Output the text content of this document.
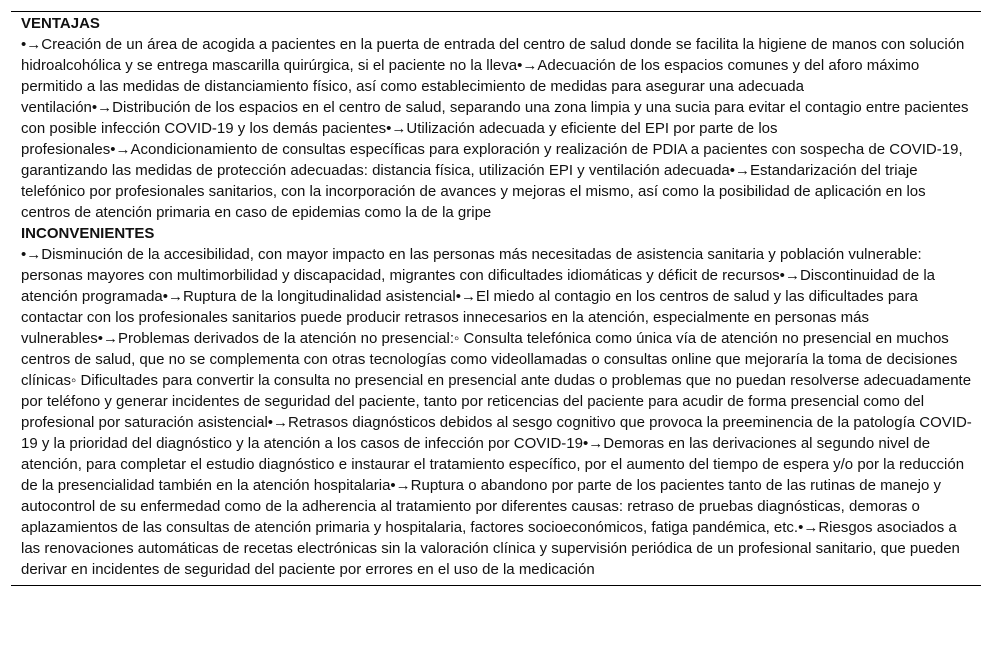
VENTAJAS

•→Creación de un área de acogida a pacientes en la puerta de entrada del centro de salud donde se facilita la higiene de manos con solución hidroalcohólica y se entrega mascarilla quirúrgica, si el paciente no la lleva•→Adecuación de los espacios comunes y del aforo máximo permitido a las medidas de distanciamiento físico, así como establecimiento de medidas para asegurar una adecuada ventilación•→Distribución de los espacios en el centro de salud, separando una zona limpia y una sucia para evitar el contagio entre pacientes con posible infección COVID-19 y los demás pacientes•→Utilización adecuada y eficiente del EPI por parte de los profesionales•→Acondicionamiento de consultas específicas para exploración y realización de PDIA a pacientes con sospecha de COVID-19, garantizando las medidas de protección adecuadas: distancia física, utilización EPI y ventilación adecuada•→Estandarización del triaje telefónico por profesionales sanitarios, con la incorporación de avances y mejoras el mismo, así como la posibilidad de aplicación en los centros de atención primaria en caso de epidemias como la de la gripe

INCONVENIENTES

•→Disminución de la accesibilidad, con mayor impacto en las personas más necesitadas de asistencia sanitaria y población vulnerable: personas mayores con multimorbilidad y discapacidad, migrantes con dificultades idiomáticas y déficit de recursos•→Discontinuidad de la atención programada•→Ruptura de la longitudinalidad asistencial•→El miedo al contagio en los centros de salud y las dificultades para contactar con los profesionales sanitarios puede producir retrasos innecesarios en la atención, especialmente en personas más vulnerables•→Problemas derivados de la atención no presencial:◦ Consulta telefónica como única vía de atención no presencial en muchos centros de salud, que no se complementa con otras tecnologías como videollamadas o consultas online que mejoraría la toma de decisiones clínicas◦ Dificultades para convertir la consulta no presencial en presencial ante dudas o problemas que no puedan resolverse adecuadamente por teléfono y generar incidentes de seguridad del paciente, tanto por reticencias del paciente para acudir de forma presencial como del profesional por saturación asistencial•→Retrasos diagnósticos debidos al sesgo cognitivo que provoca la preeminencia de la patología COVID-19 y la prioridad del diagnóstico y la atención a los casos de infección por COVID-19•→Demoras en las derivaciones al segundo nivel de atención, para completar el estudio diagnóstico e instaurar el tratamiento específico, por el aumento del tiempo de espera y/o por la reducción de la presencialidad también en la atención hospitalaria•→Ruptura o abandono por parte de los pacientes tanto de las rutinas de manejo y autocontrol de su enfermedad como de la adherencia al tratamiento por diferentes causas: retraso de pruebas diagnósticas, demoras o aplazamientos de las consultas de atención primaria y hospitalaria, factores socioeconómicos, fatiga pandémica, etc.•→Riesgos asociados a las renovaciones automáticas de recetas electrónicas sin la valoración clínica y supervisión periódica de un profesional sanitario, que pueden derivar en incidentes de seguridad del paciente por errores en el uso de la medicación
